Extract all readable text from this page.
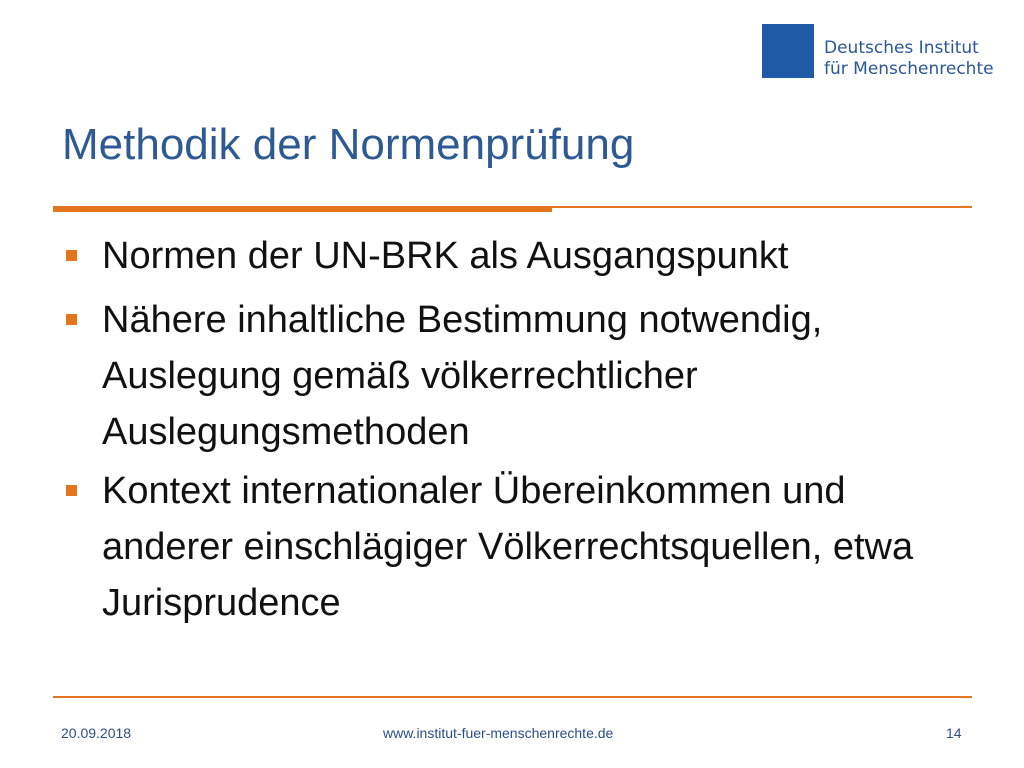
Deutsches Institut
für Menschenrechte
Methodik der Normenprüfung
Normen der UN-BRK als Ausgangspunkt
Nähere inhaltliche Bestimmung notwendig, Auslegung gemäß völkerrechtlicher Auslegungsmethoden
Kontext internationaler Übereinkommen und anderer einschlägiger Völkerrechtsquellen, etwa Jurisprudence
20.09.2018	www.institut-fuer-menschenrechte.de	14
